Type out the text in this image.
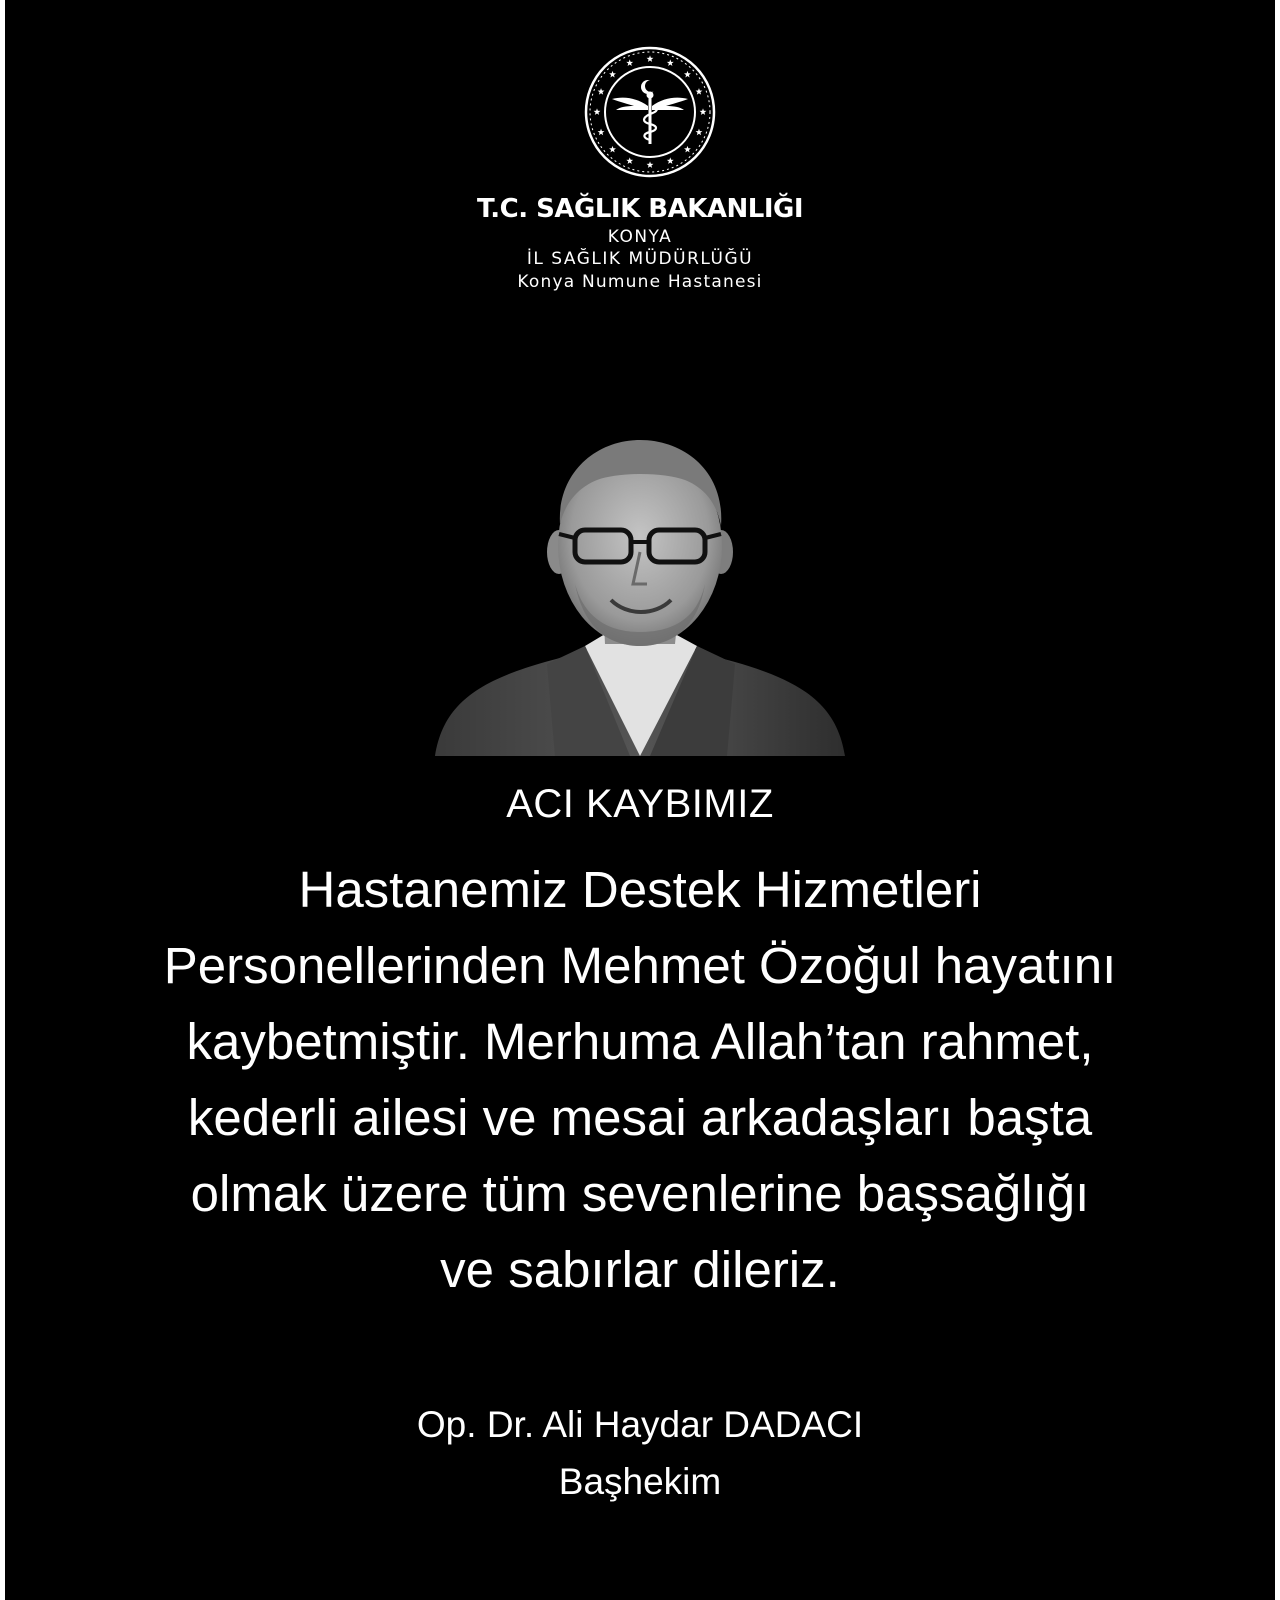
T.C. SAĞLIK BAKANLIĞI
KONYA
İL SAĞLIK MÜDÜRLÜĞÜ
Konya Numune Hastanesi
ACI KAYBIMIZ
Hastanemiz Destek Hizmetleri
Personellerinden Mehmet Özoğul hayatını
kaybetmiştir. Merhuma Allah’tan rahmet,
kederli ailesi ve mesai arkadaşları başta
olmak üzere tüm sevenlerine başsağlığı
ve sabırlar dileriz.
Op. Dr. Ali Haydar DADACI
Başhekim
